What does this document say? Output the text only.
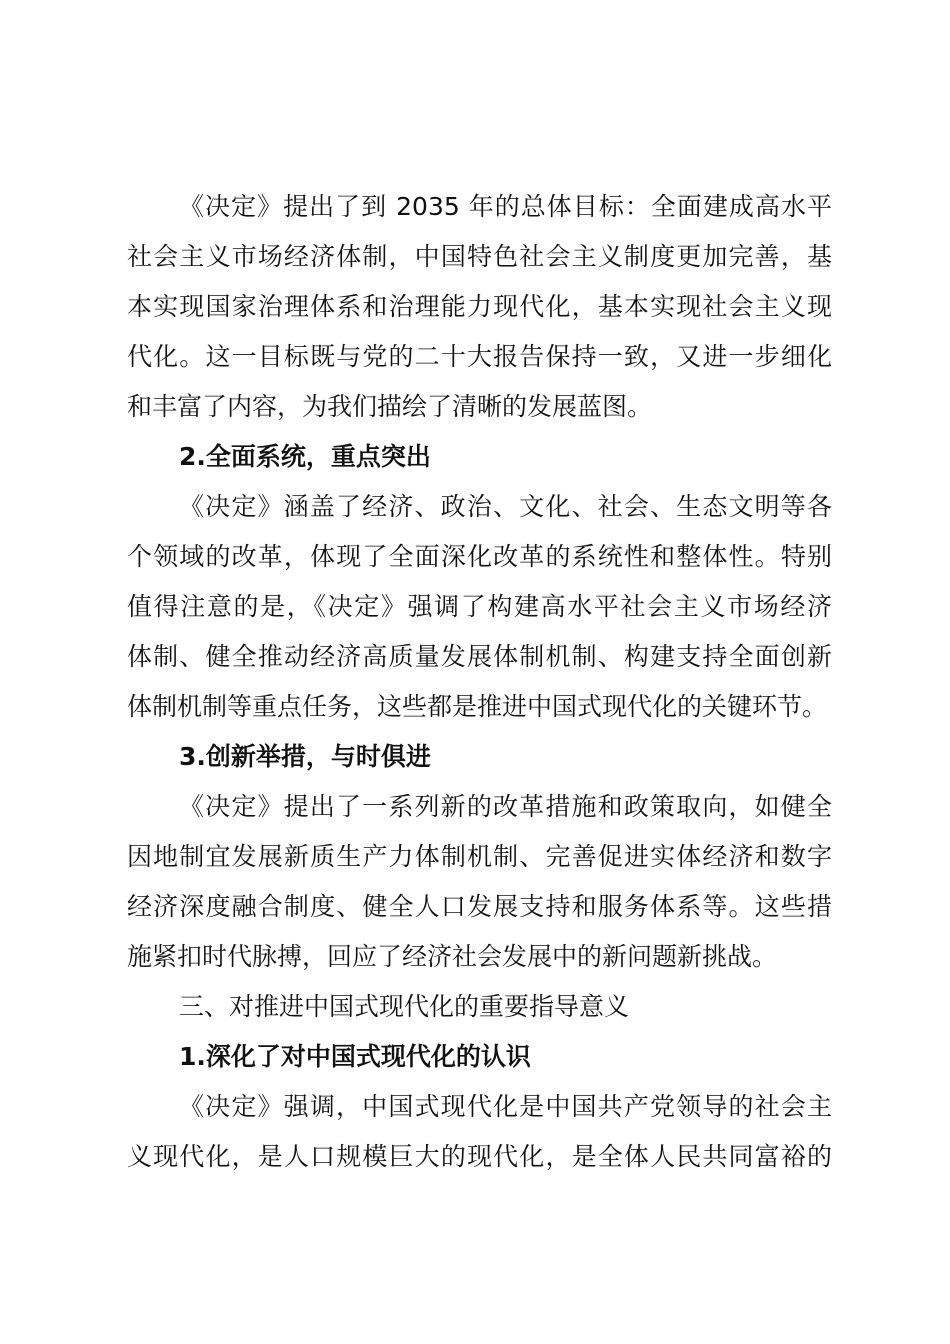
《决定》提出了到 2035 年的总体目标：全面建成高水平
社会主义市场经济体制，中国特色社会主义制度更加完善，基
本实现国家治理体系和治理能力现代化，基本实现社会主义现
代化。这一目标既与党的二十大报告保持一致，又进一步细化
和丰富了内容，为我们描绘了清晰的发展蓝图。
2.全面系统，重点突出
《决定》涵盖了经济、政治、文化、社会、生态文明等各
个领域的改革，体现了全面深化改革的系统性和整体性。特别
值得注意的是，《决定》强调了构建高水平社会主义市场经济
体制、健全推动经济高质量发展体制机制、构建支持全面创新
体制机制等重点任务，这些都是推进中国式现代化的关键环节。
3.创新举措，与时俱进
《决定》提出了一系列新的改革措施和政策取向，如健全
因地制宜发展新质生产力体制机制、完善促进实体经济和数字
经济深度融合制度、健全人口发展支持和服务体系等。这些措
施紧扣时代脉搏，回应了经济社会发展中的新问题新挑战。
三、对推进中国式现代化的重要指导意义
1.深化了对中国式现代化的认识
《决定》强调，中国式现代化是中国共产党领导的社会主
义现代化，是人口规模巨大的现代化，是全体人民共同富裕的
